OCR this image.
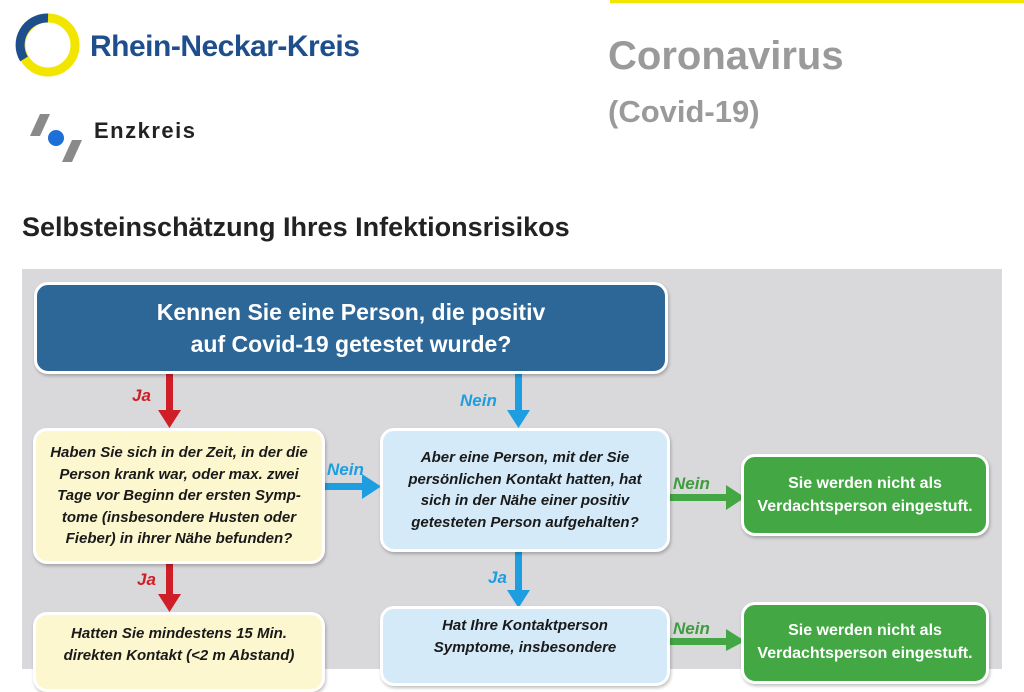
Rhein-Neckar-Kreis
Enzkreis
Coronavirus
(Covid-19)
Selbsteinschätzung Ihres Infektionsrisikos
Kennen Sie eine Person, die positiv
auf Covid-19 getestet wurde?
Haben Sie sich in der Zeit, in der die
Person krank war, oder max. zwei
Tage vor Beginn der ersten Symp-
tome (insbesondere Husten oder
Fieber) in ihrer Nähe befunden?
Aber eine Person, mit der Sie
persönlichen Kontakt hatten, hat
sich in der Nähe einer positiv
getesteten Person aufgehalten?
Sie werden nicht als
Verdachtsperson eingestuft.
Hatten Sie mindestens 15 Min.
direkten Kontakt (<2 m Abstand)
Hat Ihre Kontaktperson
Symptome, insbesondere
Sie werden nicht als
Verdachtsperson eingestuft.
Ja	Nein
Nein
Nein
Ja	Ja
Nein
